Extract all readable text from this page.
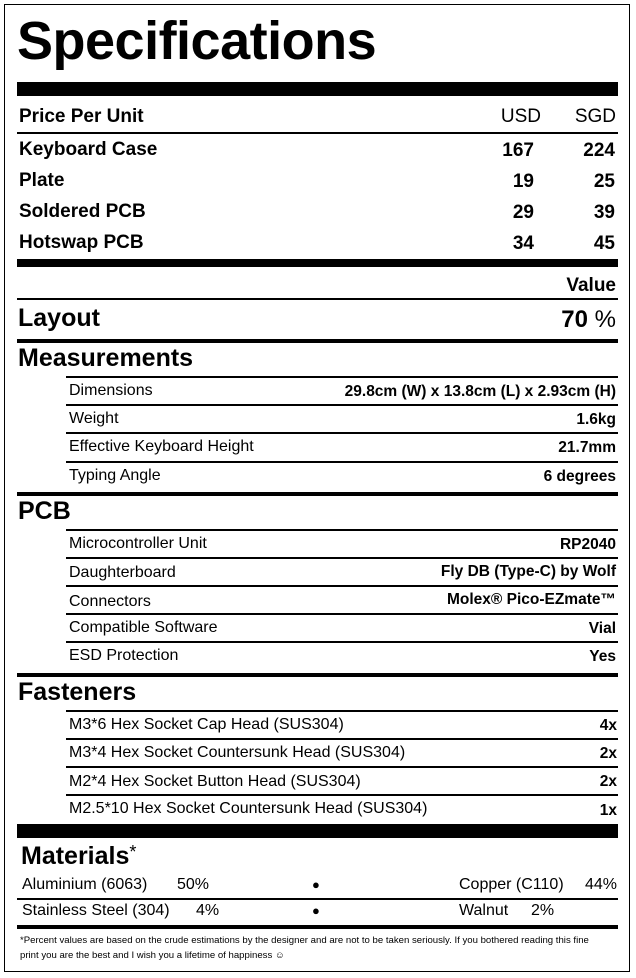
Specifications
Price Per Unit	USD	SGD
Keyboard Case	167	224
Plate	19	25
Soldered PCB	29	39
Hotswap PCB	34	45
Value
Layout	70 %
Measurements
Dimensions	29.8cm (W) x 13.8cm (L) x 2.93cm (H)
Weight	1.6kg
Effective Keyboard Height	21.7mm
Typing Angle	6 degrees
PCB
Microcontroller Unit	RP2040
Daughterboard	Fly DB (Type-C) by Wolf
Connectors	Molex® Pico-EZmate™
Compatible Software	Vial
ESD Protection	Yes
Fasteners
M3*6 Hex Socket Cap Head (SUS304)	4x
M3*4 Hex Socket Countersunk Head (SUS304)	2x
M2*4 Hex Socket Button Head (SUS304)	2x
M2.5*10 Hex Socket Countersunk Head (SUS304)	1x
Materials*
Aluminium (6063) 50%	●	Copper (C110) 44%
Stainless Steel (304) 4%	●	Walnut 2%
*Percent values are based on the crude estimations by the designer and are not to be taken seriously. If you bothered reading this fine print you are the best and I wish you a lifetime of happiness ☺
